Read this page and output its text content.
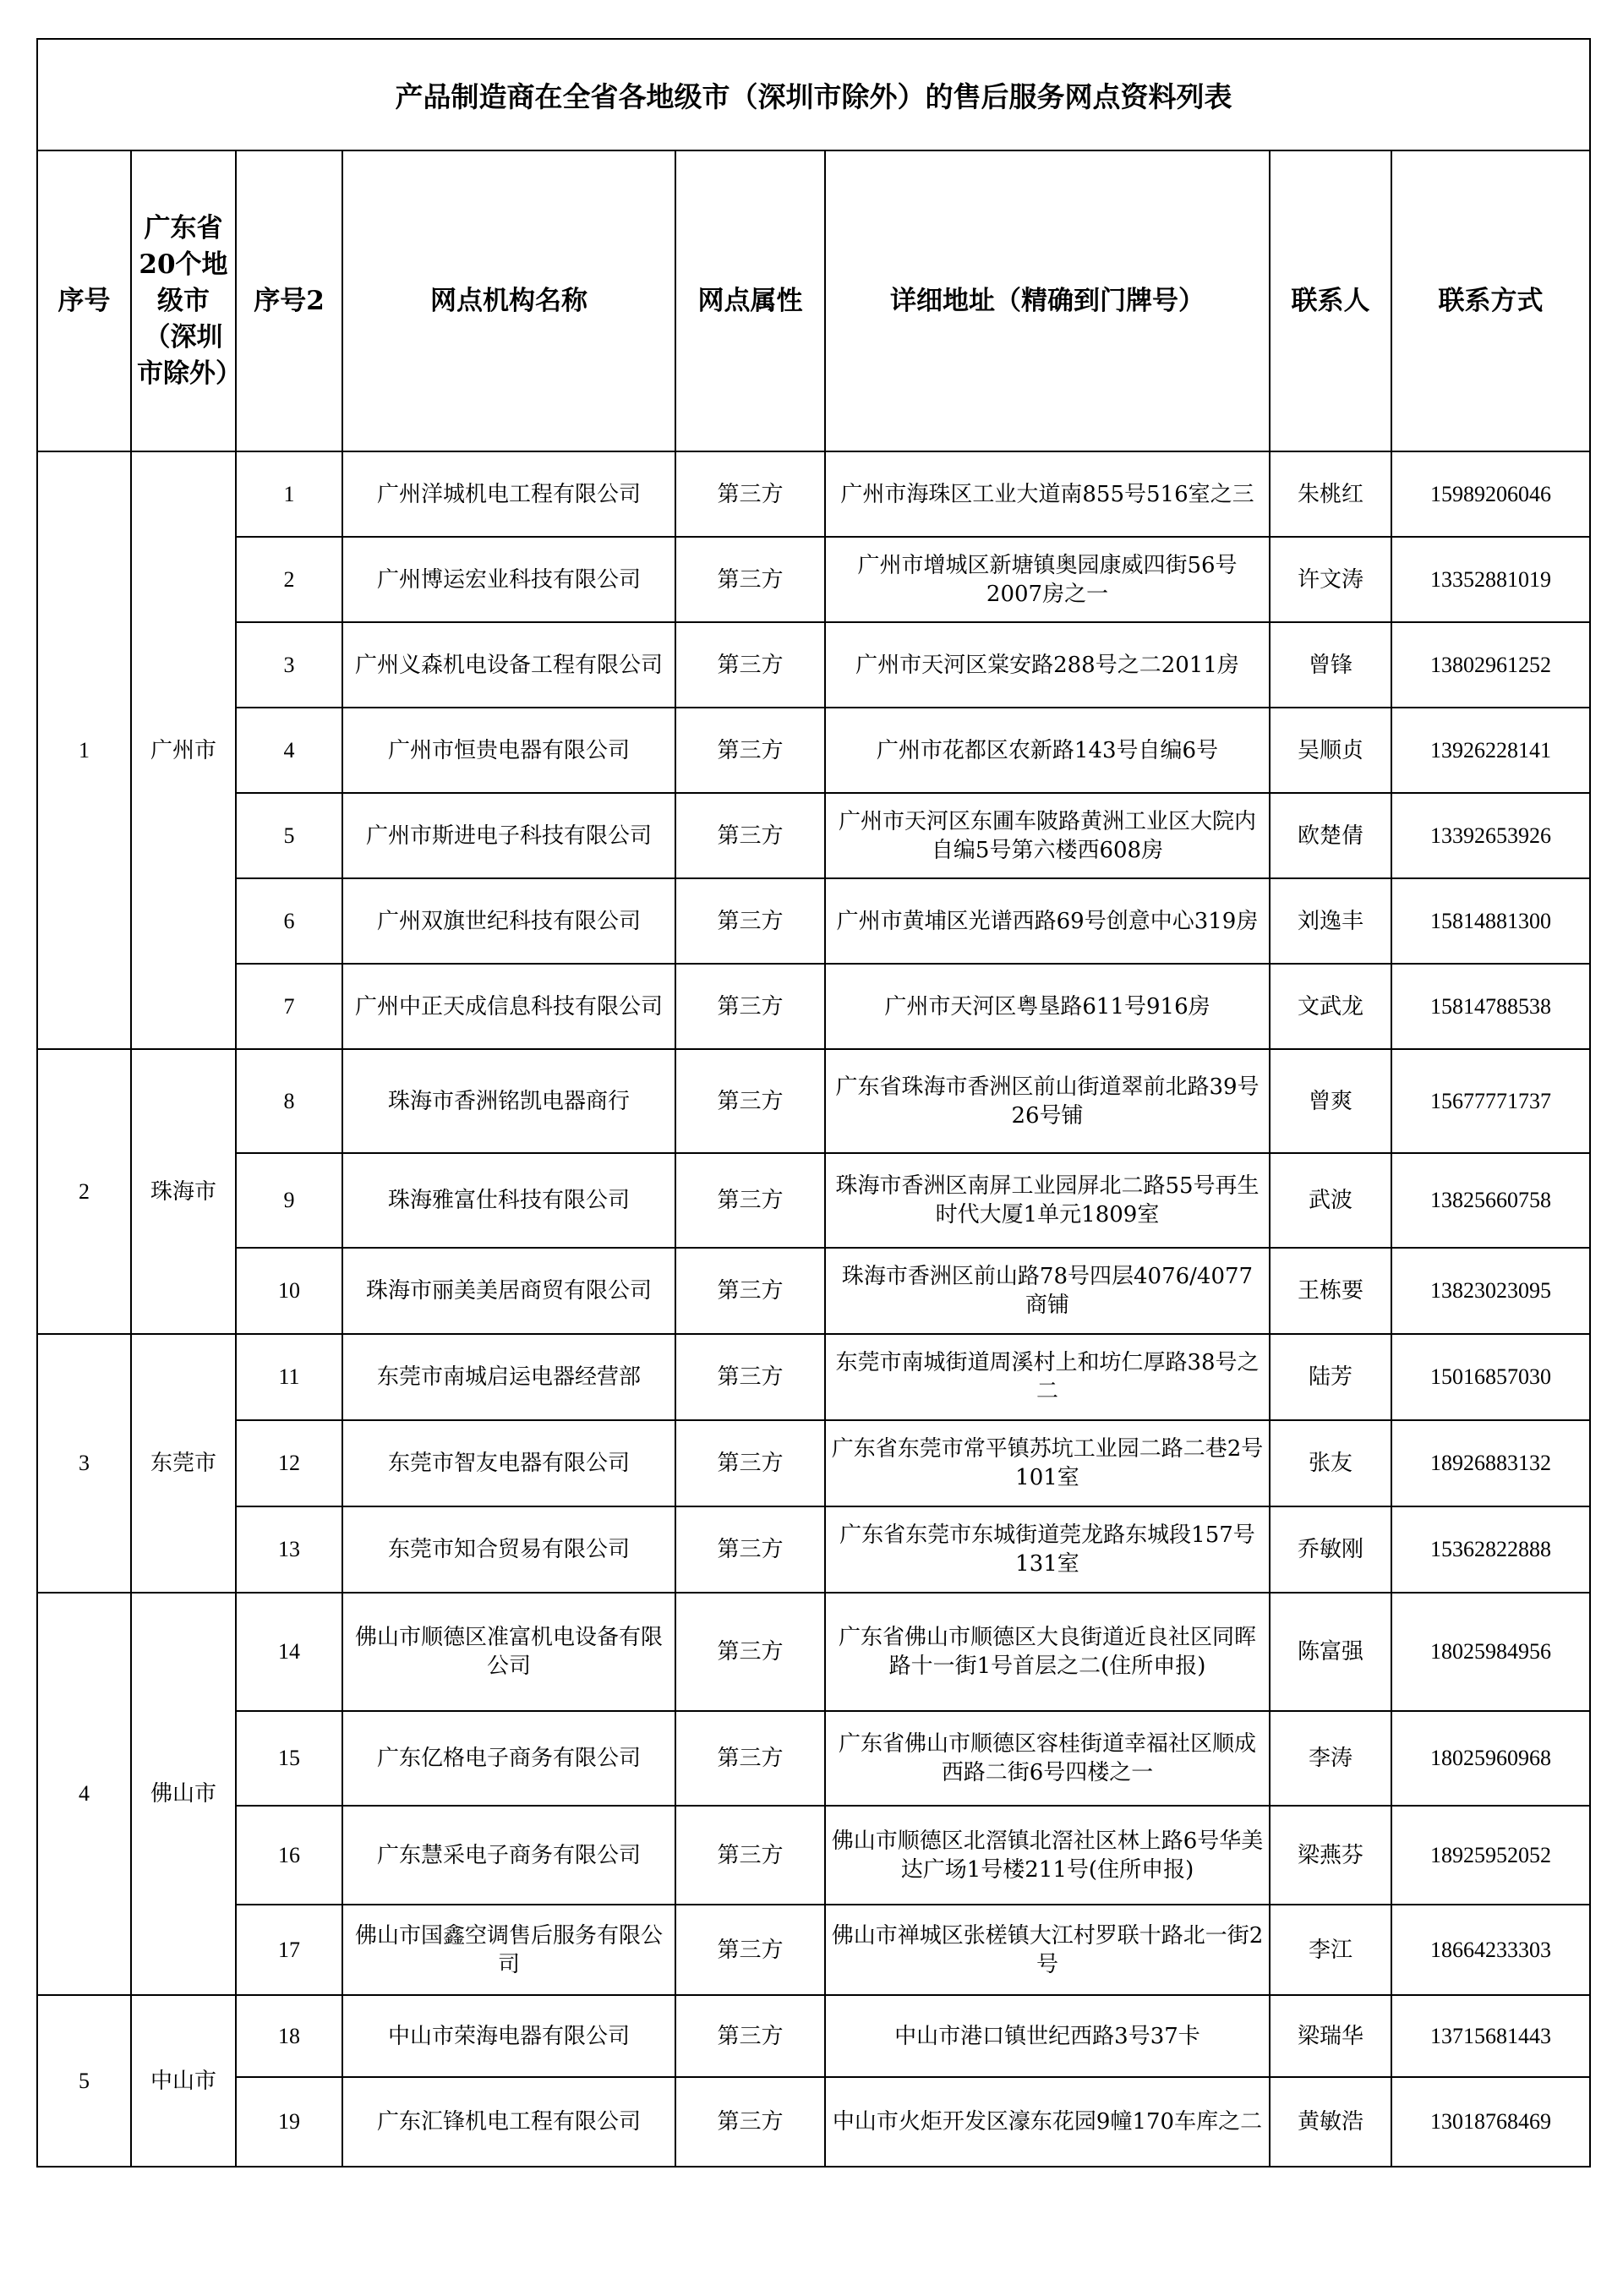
产品制造商在全省各地级市（深圳市除外）的售后服务网点资料列表							
序号	广东省20个地级市（深圳市除外）	序号2	网点机构名称	网点属性	详细地址（精确到门牌号）	联系人	联系方式
1	广州市	1	广州洋城机电工程有限公司	第三方	广州市海珠区工业大道南855号516室之三	朱桃红	15989206046
		2	广州博运宏业科技有限公司	第三方	广州市增城区新塘镇奥园康威四街56号2007房之一	许文涛	13352881019
		3	广州义森机电设备工程有限公司	第三方	广州市天河区棠安路288号之二2011房	曾锋	13802961252
		4	广州市恒贵电器有限公司	第三方	广州市花都区农新路143号自编6号	吴顺贞	13926228141
		5	广州市斯进电子科技有限公司	第三方	广州市天河区东圃车陂路黄洲工业区大院内自编5号第六楼西608房	欧楚倩	13392653926
		6	广州双旗世纪科技有限公司	第三方	广州市黄埔区光谱西路69号创意中心319房	刘逸丰	15814881300
		7	广州中正天成信息科技有限公司	第三方	广州市天河区粤垦路611号916房	文武龙	15814788538
2	珠海市	8	珠海市香洲铭凯电器商行	第三方	广东省珠海市香洲区前山街道翠前北路39号26号铺	曾爽	15677771737
		9	珠海雅富仕科技有限公司	第三方	珠海市香洲区南屏工业园屏北二路55号再生时代大厦1单元1809室	武波	13825660758
		10	珠海市丽美美居商贸有限公司	第三方	珠海市香洲区前山路78号四层4076/4077商铺	王栋要	13823023095
3	东莞市	11	东莞市南城启运电器经营部	第三方	东莞市南城街道周溪村上和坊仁厚路38号之二	陆芳	15016857030
		12	东莞市智友电器有限公司	第三方	广东省东莞市常平镇苏坑工业园二路二巷2号101室	张友	18926883132
		13	东莞市知合贸易有限公司	第三方	广东省东莞市东城街道莞龙路东城段157号131室	乔敏刚	15362822888
4	佛山市	14	佛山市顺德区准富机电设备有限公司	第三方	广东省佛山市顺德区大良街道近良社区同晖路十一街1号首层之二(住所申报)	陈富强	18025984956
		15	广东亿格电子商务有限公司	第三方	广东省佛山市顺德区容桂街道幸福社区顺成西路二街6号四楼之一	李涛	18025960968
		16	广东慧采电子商务有限公司	第三方	佛山市顺德区北滘镇北滘社区林上路6号华美达广场1号楼211号(住所申报)	梁燕芬	18925952052
		17	佛山市国鑫空调售后服务有限公司	第三方	佛山市禅城区张槎镇大江村罗联十路北一街2号	李江	18664233303
5	中山市	18	中山市荣海电器有限公司	第三方	中山市港口镇世纪西路3号37卡	梁瑞华	13715681443
		19	广东汇锋机电工程有限公司	第三方	中山市火炬开发区濠东花园9幢170车库之二	黄敏浩	13018768469
